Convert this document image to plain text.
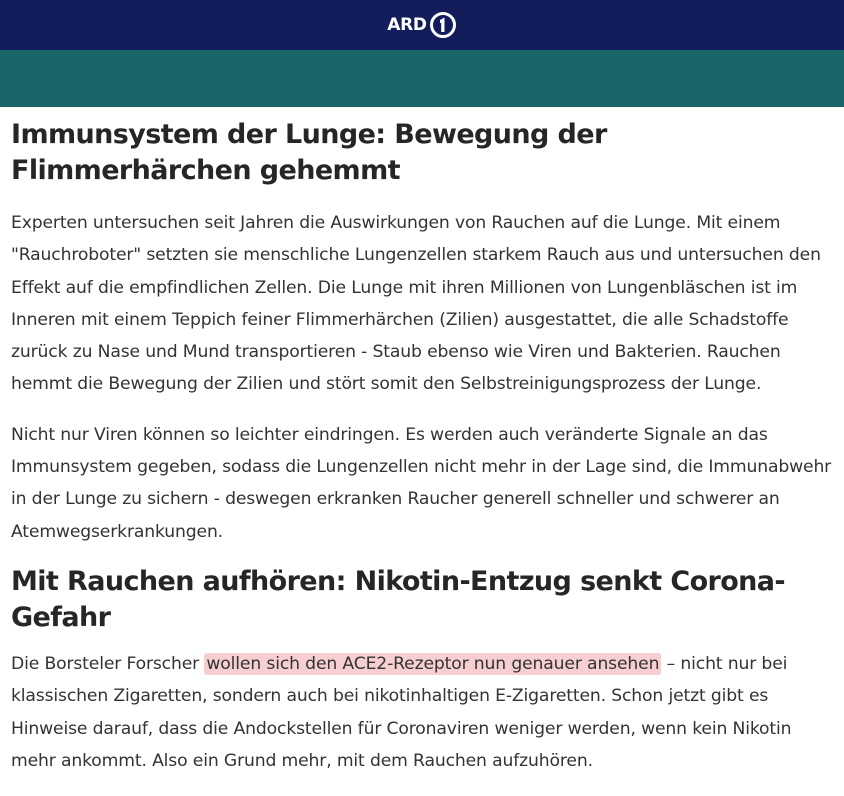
ARD
Immunsystem der Lunge: Bewegung der Flimmerhärchen gehemmt

Experten untersuchen seit Jahren die Auswirkungen von Rauchen auf die Lunge. Mit einem "Rauchroboter" setzten sie menschliche Lungenzellen starkem Rauch aus und untersuchen den Effekt auf die empfindlichen Zellen. Die Lunge mit ihren Millionen von Lungenbläschen ist im Inneren mit einem Teppich feiner Flimmerhärchen (Zilien) ausgestattet, die alle Schadstoffe zurück zu Nase und Mund transportieren - Staub ebenso wie Viren und Bakterien. Rauchen hemmt die Bewegung der Zilien und stört somit den Selbstreinigungsprozess der Lunge.

Nicht nur Viren können so leichter eindringen. Es werden auch veränderte Signale an das Immunsystem gegeben, sodass die Lungenzellen nicht mehr in der Lage sind, die Immunabwehr in der Lunge zu sichern - deswegen erkranken Raucher generell schneller und schwerer an Atemwegserkrankungen.

Mit Rauchen aufhören: Nikotin-Entzug senkt Corona-Gefahr

Die Borsteler Forscher wollen sich den ACE2-Rezeptor nun genauer ansehen – nicht nur bei klassischen Zigaretten, sondern auch bei nikotinhaltigen E-Zigaretten. Schon jetzt gibt es Hinweise darauf, dass die Andockstellen für Coronaviren weniger werden, wenn kein Nikotin mehr ankommt. Also ein Grund mehr, mit dem Rauchen aufzuhören.
